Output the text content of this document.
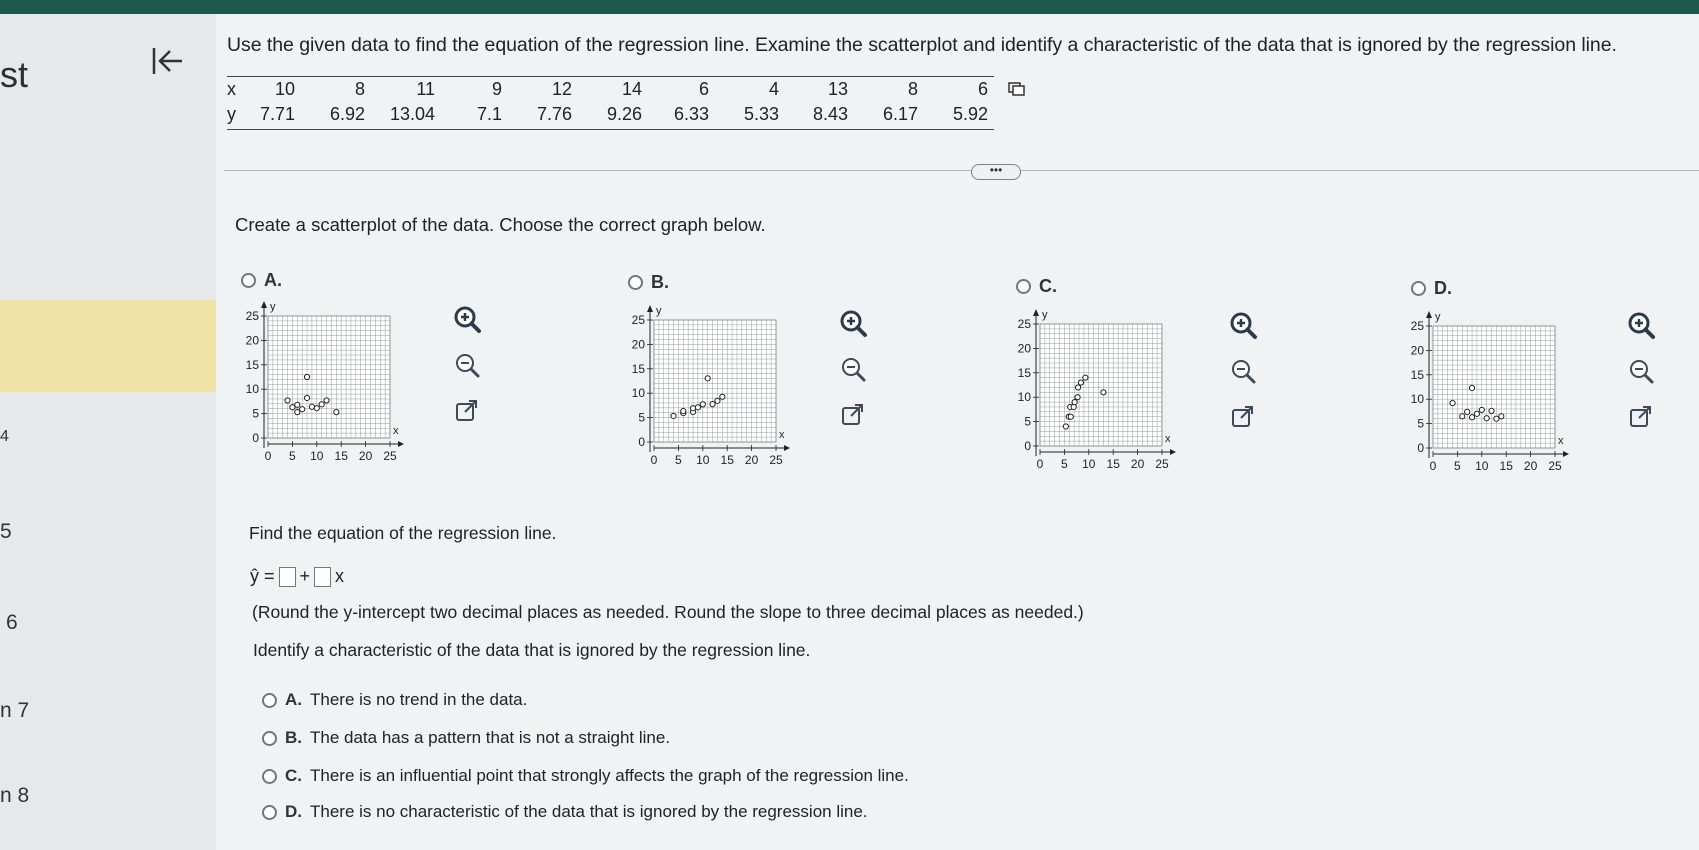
st
4
5
6
n 7
n 8
Use the given data to find the equation of the regression line. Examine the scatterplot and identify a characteristic of the data that is ignored by the regression line.
x	10	8	11	9	12	14	6	4	13	8	6
y	7.71	6.92	13.04	7.1	7.76	9.26	6.33	5.33	8.43	6.17	5.92
•••
Create a scatterplot of the data. Choose the correct graph below.
A.
0 5 10 15 20 25
0
5
10
15
20
25
x
y
B.
0 5 10 15 20 25
0
5
10
15
20
25
x
y
C.
0 5 10 15 20 25
0
5
10
15
20
25
x
y
D.
0 5 10 15 20 25
0
5
10
15
20
25
x
y
Find the equation of the regression line.
ŷ = + x
(Round the y-intercept two decimal places as needed. Round the slope to three decimal places as needed.)
Identify a characteristic of the data that is ignored by the regression line.
A. There is no trend in the data.
B. The data has a pattern that is not a straight line.
C. There is an influential point that strongly affects the graph of the regression line.
D. There is no characteristic of the data that is ignored by the regression line.
